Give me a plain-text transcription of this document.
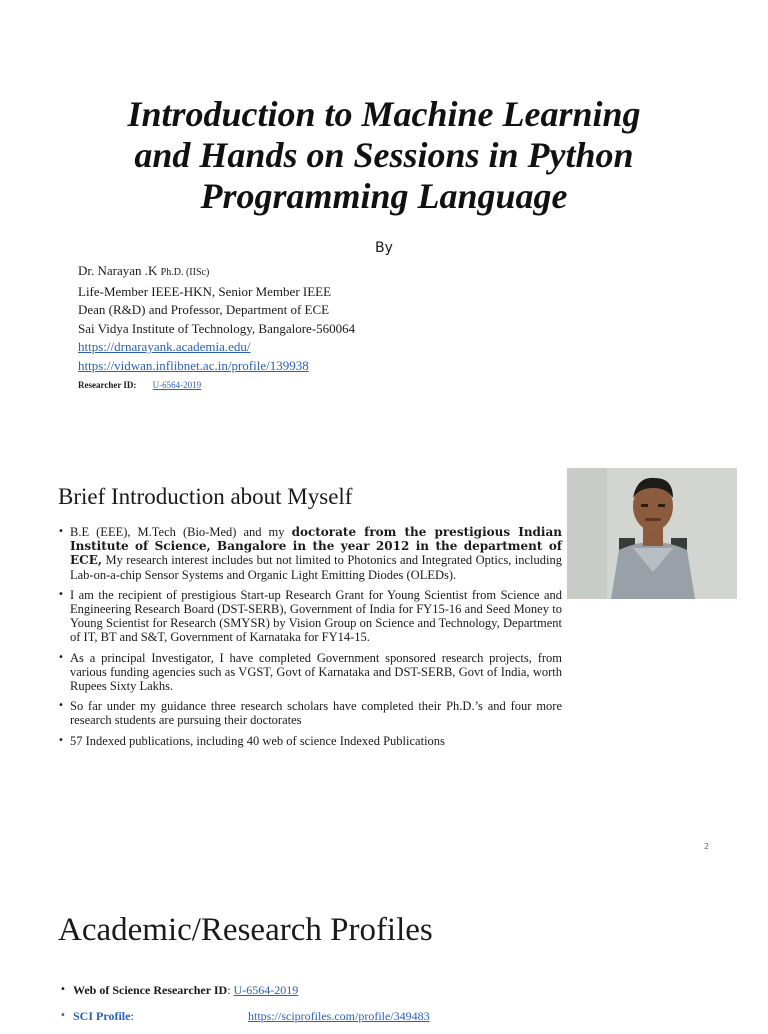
Introduction to Machine Learning
and Hands on Sessions in Python
Programming Language
By
Dr. Narayan .K Ph.D. (IISc)
Life-Member IEEE-HKN, Senior Member IEEE
Dean (R&D) and Professor, Department of ECE
Sai Vidya Institute of Technology, Bangalore-560064
https://drnarayank.academia.edu/
https://vidwan.inflibnet.ac.in/profile/139938
Researcher ID: U-6564-2019
Brief Introduction about Myself
• B.E (EEE), M.Tech (Bio-Med) and my doctorate from the prestigious Indian Institute of Science, Bangalore in the year 2012 in the department of ECE, My research interest includes but not limited to Photonics and Integrated Optics, including Lab-on-a-chip Sensor Systems and Organic Light Emitting Diodes (OLEDs).
• I am the recipient of prestigious Start-up Research Grant for Young Scientist from Science and Engineering Research Board (DST-SERB), Government of India for FY15-16 and Seed Money to Young Scientist for Research (SMYSR) by Vision Group on Science and Technology, Department of IT, BT and S&T, Government of Karnataka for FY14-15.
• As a principal Investigator, I have completed Government sponsored research projects, from various funding agencies such as VGST, Govt of Karnataka and DST-SERB, Govt of India, worth Rupees Sixty Lakhs.
• So far under my guidance three research scholars have completed their Ph.D.’s and four more research students are pursuing their doctorates
• 57 Indexed publications, including 40 web of science Indexed Publications
2
Academic/Research Profiles
• Web of Science Researcher ID: U-6564-2019
• SCI Profile:	https://sciprofiles.com/profile/349483
